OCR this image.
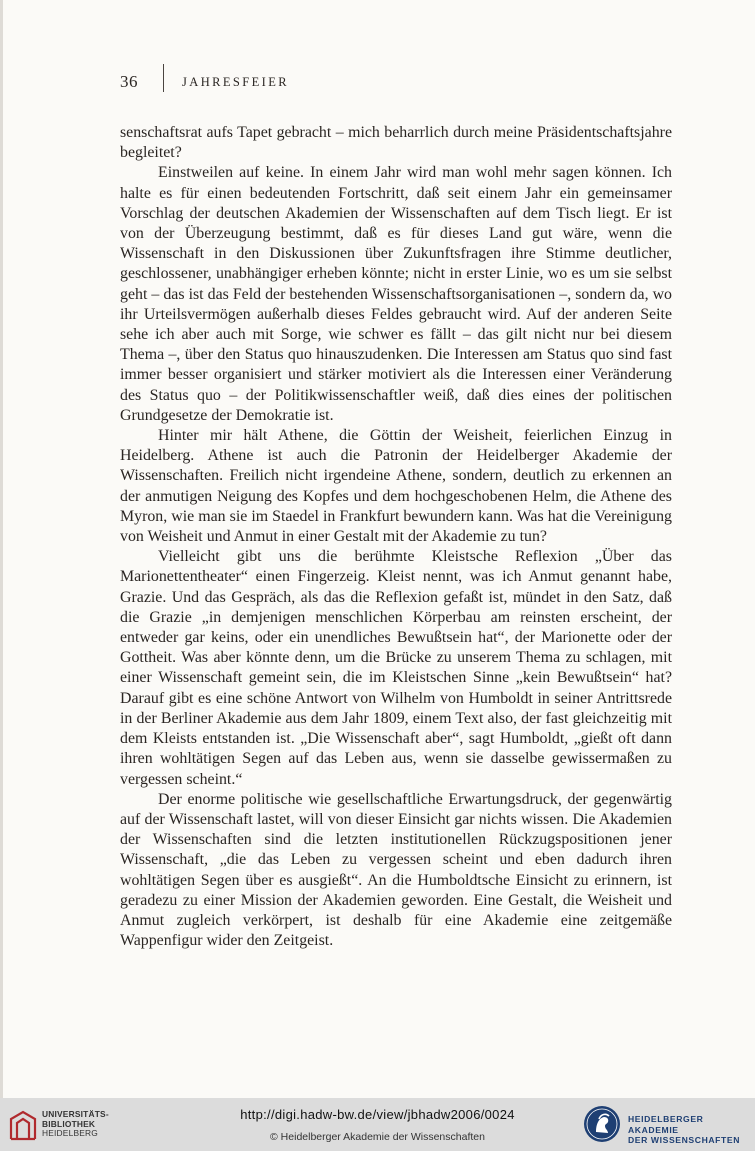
36	JAHRESFEIER

senschaftsrat aufs Tapet gebracht – mich beharrlich durch meine Präsidentschaftsjahre begleitet?

Einstweilen auf keine. In einem Jahr wird man wohl mehr sagen können. Ich halte es für einen bedeutenden Fortschritt, daß seit einem Jahr ein gemeinsamer Vorschlag der deutschen Akademien der Wissenschaften auf dem Tisch liegt. Er ist von der Überzeugung bestimmt, daß es für dieses Land gut wäre, wenn die Wissenschaft in den Diskussionen über Zukunftsfragen ihre Stimme deutlicher, geschlossener, unabhängiger erheben könnte; nicht in erster Linie, wo es um sie selbst geht – das ist das Feld der bestehenden Wissenschaftsorganisationen –, sondern da, wo ihr Urteilsvermögen außerhalb dieses Feldes gebraucht wird. Auf der anderen Seite sehe ich aber auch mit Sorge, wie schwer es fällt – das gilt nicht nur bei diesem Thema –, über den Status quo hinauszudenken. Die Interessen am Status quo sind fast immer besser organisiert und stärker motiviert als die Interessen einer Veränderung des Status quo – der Politikwissenschaftler weiß, daß dies eines der politischen Grundgesetze der Demokratie ist.

Hinter mir hält Athene, die Göttin der Weisheit, feierlichen Einzug in Heidelberg. Athene ist auch die Patronin der Heidelberger Akademie der Wissenschaften. Freilich nicht irgendeine Athene, sondern, deutlich zu erkennen an der anmutigen Neigung des Kopfes und dem hochgeschobenen Helm, die Athene des Myron, wie man sie im Staedel in Frankfurt bewundern kann. Was hat die Vereinigung von Weisheit und Anmut in einer Gestalt mit der Akademie zu tun?

Vielleicht gibt uns die berühmte Kleistsche Reflexion „Über das Marionettentheater“ einen Fingerzeig. Kleist nennt, was ich Anmut genannt habe, Grazie. Und das Gespräch, als das die Reflexion gefaßt ist, mündet in den Satz, daß die Grazie „in demjenigen menschlichen Körperbau am reinsten erscheint, der entweder gar keins, oder ein unendliches Bewußtsein hat“, der Marionette oder der Gottheit. Was aber könnte denn, um die Brücke zu unserem Thema zu schlagen, mit einer Wissenschaft gemeint sein, die im Kleistschen Sinne „kein Bewußtsein“ hat? Darauf gibt es eine schöne Antwort von Wilhelm von Humboldt in seiner Antrittsrede in der Berliner Akademie aus dem Jahr 1809, einem Text also, der fast gleichzeitig mit dem Kleists entstanden ist. „Die Wissenschaft aber“, sagt Humboldt, „gießt oft dann ihren wohltätigen Segen auf das Leben aus, wenn sie dasselbe gewissermaßen zu vergessen scheint.“

Der enorme politische wie gesellschaftliche Erwartungsdruck, der gegenwärtig auf der Wissenschaft lastet, will von dieser Einsicht gar nichts wissen. Die Akademien der Wissenschaften sind die letzten institutionellen Rückzugspositionen jener Wissenschaft, „die das Leben zu vergessen scheint und eben dadurch ihren wohltätigen Segen über es ausgießt“. An die Humboldtsche Einsicht zu erinnern, ist geradezu zu einer Mission der Akademien geworden. Eine Gestalt, die Weisheit und Anmut zugleich verkörpert, ist deshalb für eine Akademie eine zeitgemäße Wappenfigur wider den Zeitgeist.

UNIVERSITÄTS-
BIBLIOTHEK
HEIDELBERG
http://digi.hadw-bw.de/view/jbhadw2006/0024
© Heidelberger Akademie der Wissenschaften
HEIDELBERGER AKADEMIE
DER WISSENSCHAFTEN
